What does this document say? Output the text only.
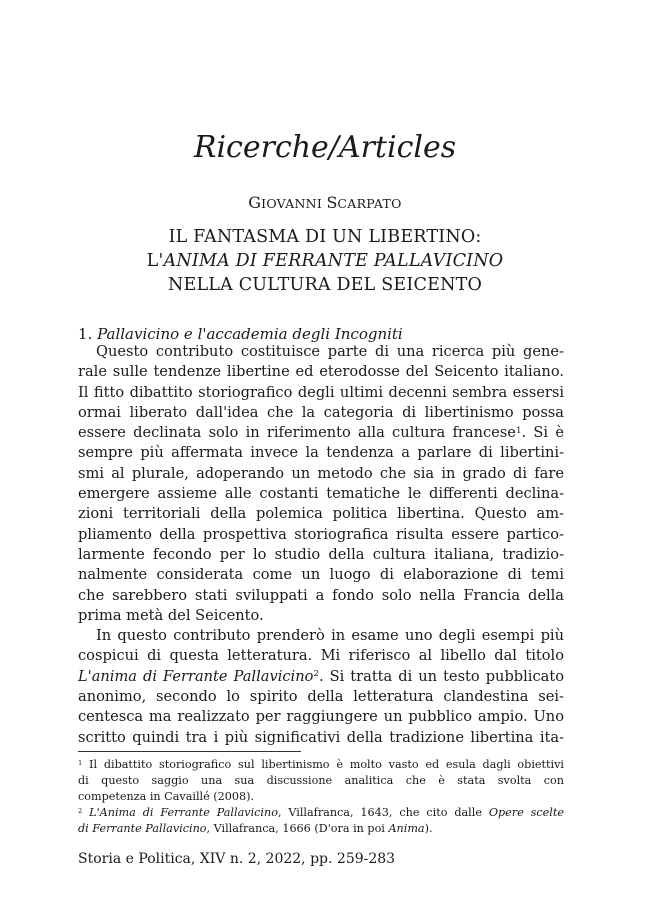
Ricerche/Articles
GIOVANNI SCARPATO
IL FANTASMA DI UN LIBERTINO:
L'ANIMA DI FERRANTE PALLAVICINO
NELLA CULTURA DEL SEICENTO
1. Pallavicino e l'accademia degli Incogniti
Questo contributo costituisce parte di una ricerca più gene-
rale sulle tendenze libertine ed eterodosse del Seicento italiano.
Il fitto dibattito storiografico degli ultimi decenni sembra essersi
ormai liberato dall'idea che la categoria di libertinismo possa
essere declinata solo in riferimento alla cultura francese$^1$. Si è
sempre più affermata invece la tendenza a parlare di libertini-
smi al plurale, adoperando un metodo che sia in grado di fare
emergere assieme alle costanti tematiche le differenti declina-
zioni territoriali della polemica politica libertina. Questo am-
pliamento della prospettiva storiografica risulta essere partico-
larmente fecondo per lo studio della cultura italiana, tradizio-
nalmente considerata come un luogo di elaborazione di temi
che sarebbero stati sviluppati a fondo solo nella Francia della
prima metà del Seicento.
In questo contributo prenderò in esame uno degli esempi più
cospicui di questa letteratura. Mi riferisco al libello dal titolo
L'anima di Ferrante Pallavicino$^2$. Si tratta di un testo pubblicato
anonimo, secondo lo spirito della letteratura clandestina sei-
centesca ma realizzato per raggiungere un pubblico ampio. Uno
scritto quindi tra i più significativi della tradizione libertina ita-
$^1$ Il dibattito storiografico sul libertinismo è molto vasto ed esula dagli obiettivi
di questo saggio una sua discussione analitica che è stata svolta con
competenza in Cavaillé (2008).
$^2$ L'Anima di Ferrante Pallavicino, Villafranca, 1643, che cito dalle Opere scelte
di Ferrante Pallavicino, Villafranca, 1666 (D'ora in poi Anima).
Storia e Politica, XIV n. 2, 2022, pp. 259-283
